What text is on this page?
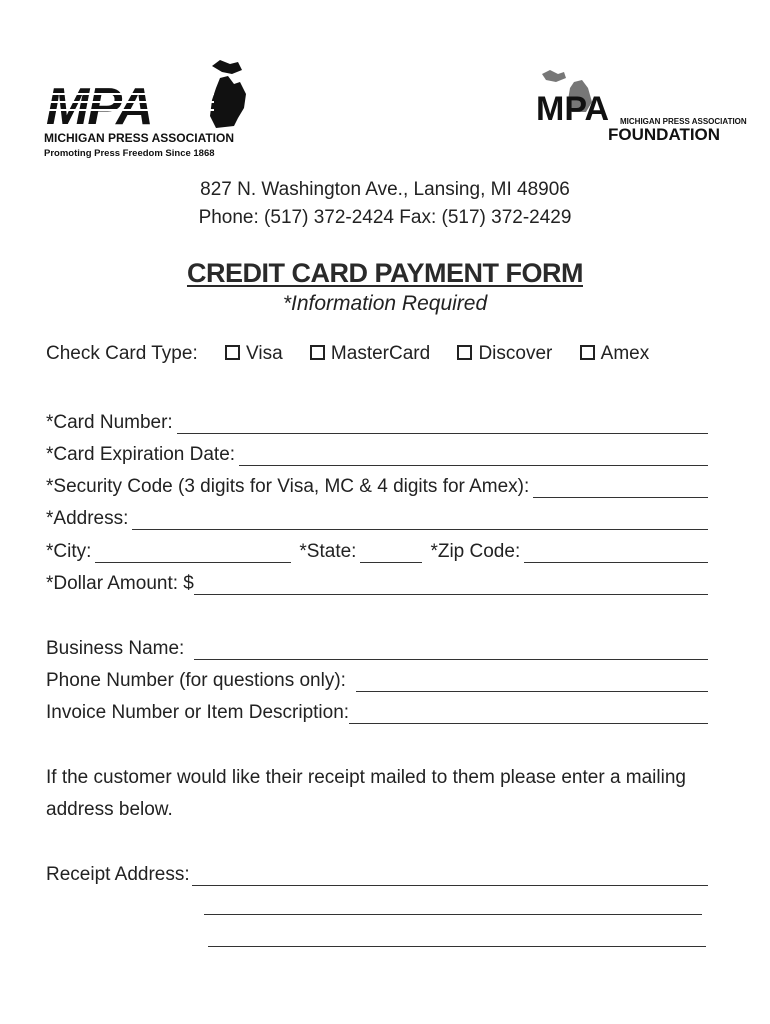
MPA
MICHIGAN PRESS ASSOCIATION
Promoting Press Freedom Since 1868
MPA MICHIGAN PRESS ASSOCIATION
FOUNDATION
827 N. Washington Ave., Lansing, MI 48906
Phone: (517) 372-2424 Fax: (517) 372-2429
CREDIT CARD PAYMENT FORM
*Information Required
Check Card Type:	Visa	MasterCard	Discover	Amex
*Card Number:
*Card Expiration Date:
*Security Code (3 digits for Visa, MC & 4 digits for Amex):
*Address:
*City:	*State:	*Zip Code:
*Dollar Amount: $
Business Name:
Phone Number (for questions only):
Invoice Number or Item Description:
If the customer would like their receipt mailed to them please enter a mailing address below.
Receipt Address:
